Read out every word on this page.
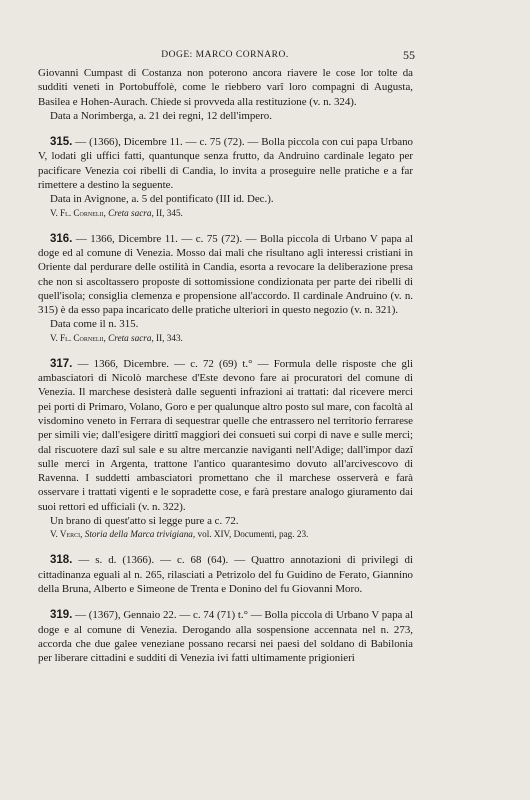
DOGE: MARCO CORNARO.	55

Giovanni Cumpast di Costanza non poterono ancora riavere le cose lor tolte da sudditi veneti in Portobuffolè, come le riebbero varî loro compagni di Augusta, Basilea e Hohen-Aurach. Chiede si provveda alla restituzione (v. n. 324).

Data a Norimberga, a. 21 dei regni, 12 dell'impero.

315. — (1366), Dicembre 11. — c. 75 (72). — Bolla piccola con cui papa Urbano V, lodati gli uffici fatti, quantunque senza frutto, da Andruino cardinale legato per pacificare Venezia coi ribelli di Candia, lo invita a proseguire nelle pratiche e a far rimettere a destino la seguente.

Data in Avignone, a. 5 del pontificato (III id. Dec.).

V. Fl. Cornelii, Creta sacra, II, 345.

316. — 1366, Dicembre 11. — c. 75 (72). — Bolla piccola di Urbano V papa al doge ed al comune di Venezia. Mosso dai mali che risultano agli interessi cristiani in Oriente dal perdurare delle ostilità in Candia, esorta a revocare la deliberazione presa che non si ascoltassero proposte di sottomissione condizionata per parte dei ribelli di quell'isola; consiglia clemenza e propensione all'accordo. Il cardinale Andruino (v. n. 315) è da esso papa incaricato delle pratiche ulteriori in questo negozio (v. n. 321).

Data come il n. 315.

V. Fl. Cornelii, Creta sacra, II, 343.

317. — 1366, Dicembre. — c. 72 (69) t.° — Formula delle risposte che gli ambasciatori di Nicolò marchese d'Este devono fare ai procuratori del comune di Venezia. Il marchese desisterà dalle seguenti infrazioni ai trattati: dal ricevere merci pei porti di Primaro, Volano, Goro e per qualunque altro posto sul mare, con facoltà al visdomino veneto in Ferrara di sequestrar quelle che entrassero nel territorio ferrarese per simili vie; dall'esigere dirittî maggiori dei consueti sui corpi di nave e sulle merci; dal riscuotere dazî sul sale e su altre mercanzie naviganti nell'Adige; dall'impor dazî sulle merci in Argenta, trattone l'antico quarantesimo dovuto all'arcivescovo di Ravenna. I suddetti ambasciatori promettano che il marchese osserverà e farà osservare i trattati vigenti e le sopradette cose, e farà prestare analogo giuramento dai suoi rettori ed ufficiali (v. n. 322).

Un brano di quest'atto si legge pure a c. 72.

V. Verci, Storia della Marca trivigiana, vol. XIV, Documenti, pag. 23.

318. — s. d. (1366). — c. 68 (64). — Quattro annotazioni di privilegi di cittadinanza eguali al n. 265, rilasciati a Petrizolo del fu Guidino de Ferato, Giannino della Bruna, Alberto e Simeone de Trenta e Donino del fu Giovanni Moro.

319. — (1367), Gennaio 22. — c. 74 (71) t.° — Bolla piccola di Urbano V papa al doge e al comune di Venezia. Derogando alla sospensione accennata nel n. 273, accorda che due galee veneziane possano recarsi nei paesi del soldano di Babilonia per liberare cittadini e sudditi di Venezia ivi fatti ultimamente prigionieri
